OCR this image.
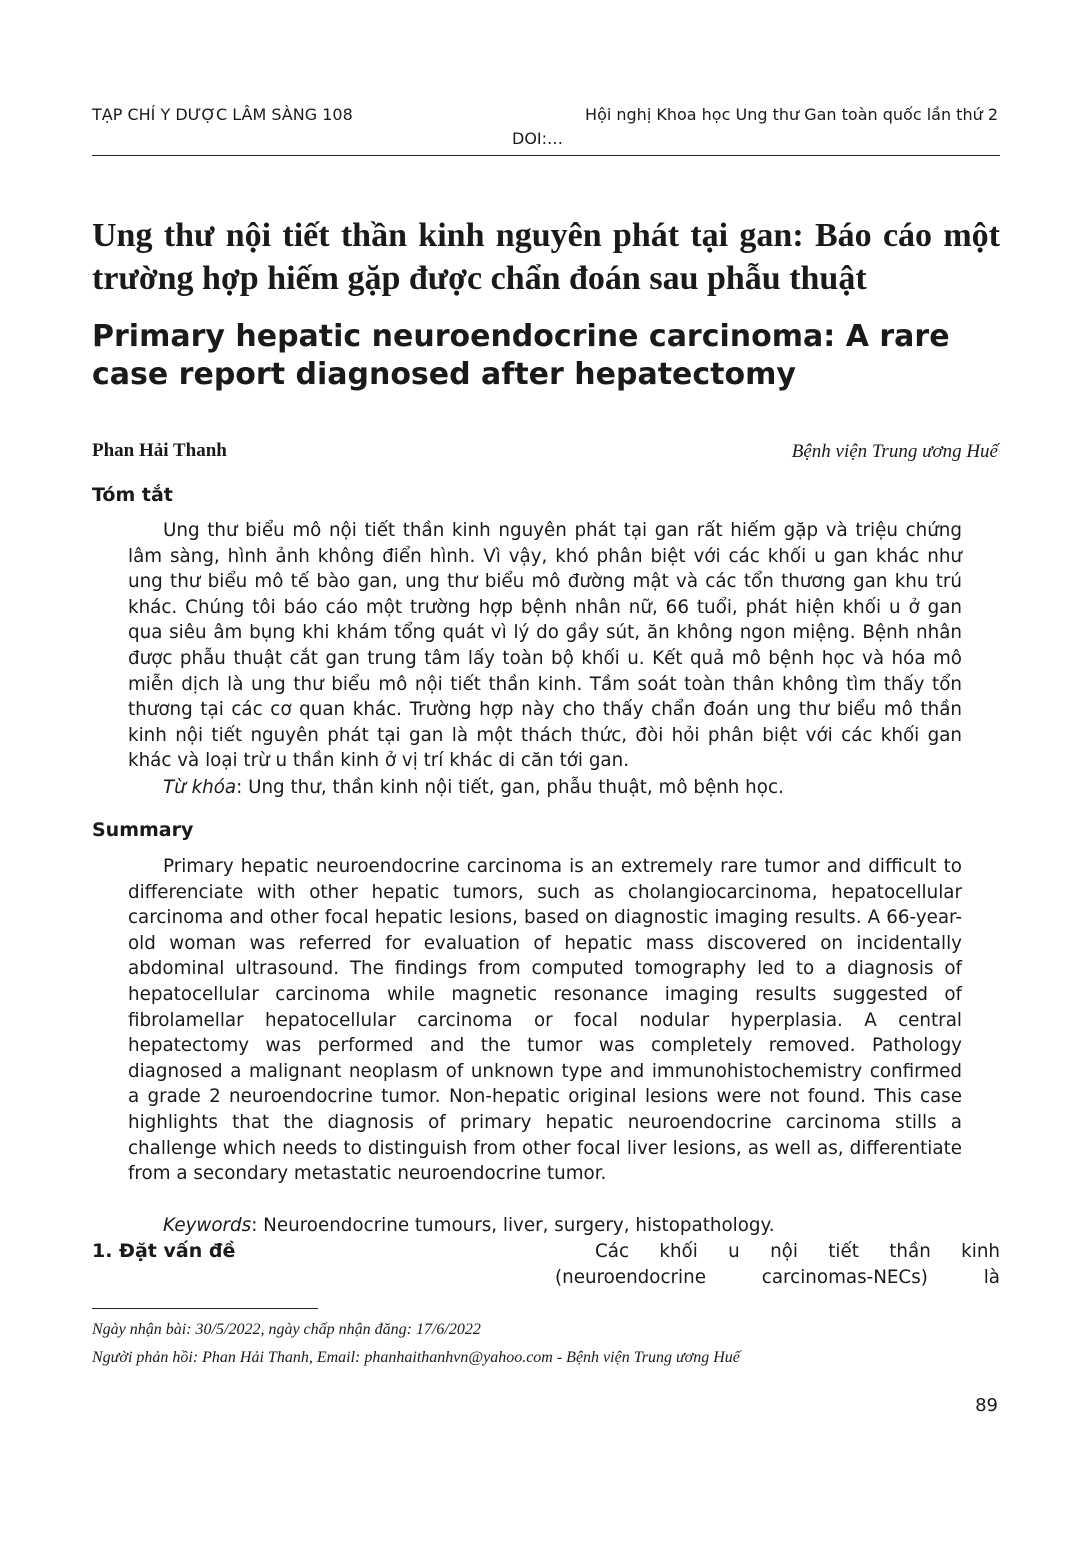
TẠP CHÍ Y DƯỢC LÂM SÀNG 108	Hội nghị Khoa học Ung thư Gan toàn quốc lần thứ 2
DOI:…
Ung thư nội tiết thần kinh nguyên phát tại gan: Báo cáo một trường hợp hiếm gặp được chẩn đoán sau phẫu thuật
Primary hepatic neuroendocrine carcinoma: A rare case report diagnosed after hepatectomy
Phan Hải Thanh	Bệnh viện Trung ương Huế
Tóm tắt

Ung thư biểu mô nội tiết thần kinh nguyên phát tại gan rất hiếm gặp và triệu chứng lâm sàng, hình ảnh không điển hình. Vì vậy, khó phân biệt với các khối u gan khác như ung thư biểu mô tế bào gan, ung thư biểu mô đường mật và các tổn thương gan khu trú khác. Chúng tôi báo cáo một trường hợp bệnh nhân nữ, 66 tuổi, phát hiện khối u ở gan qua siêu âm bụng khi khám tổng quát vì lý do gầy sút, ăn không ngon miệng. Bệnh nhân được phẫu thuật cắt gan trung tâm lấy toàn bộ khối u. Kết quả mô bệnh học và hóa mô miễn dịch là ung thư biểu mô nội tiết thần kinh. Tầm soát toàn thân không tìm thấy tổn thương tại các cơ quan khác. Trường hợp này cho thấy chẩn đoán ung thư biểu mô thần kinh nội tiết nguyên phát tại gan là một thách thức, đòi hỏi phân biệt với các khối gan khác và loại trừ u thần kinh ở vị trí khác di căn tới gan.

Từ khóa: Ung thư, thần kinh nội tiết, gan, phẫu thuật, mô bệnh học.
Summary

Primary hepatic neuroendocrine carcinoma is an extremely rare tumor and difficult to differenciate with other hepatic tumors, such as cholangiocarcinoma, hepatocellular carcinoma and other focal hepatic lesions, based on diagnostic imaging results. A 66-year-old woman was referred for evaluation of hepatic mass discovered on incidentally abdominal ultrasound. The findings from computed tomography led to a diagnosis of hepatocellular carcinoma while magnetic resonance imaging results suggested of fibrolamellar hepatocellular carcinoma or focal nodular hyperplasia. A central hepatectomy was performed and the tumor was completely removed. Pathology diagnosed a malignant neoplasm of unknown type and immunohistochemistry confirmed a grade 2 neuroendocrine tumor. Non-hepatic original lesions were not found. This case highlights that the diagnosis of primary hepatic neuroendocrine carcinoma stills a challenge which needs to distinguish from other focal liver lesions, as well as, differentiate from a secondary metastatic neuroendocrine tumor.

Keywords: Neuroendocrine tumours, liver, surgery, histopathology.
1. Đặt vấn đề	Các khối u nội tiết thần kinh (neuroendocrine carcinomas-NECs) là

Ngày nhận bài: 30/5/2022, ngày chấp nhận đăng: 17/6/2022
Người phản hồi: Phan Hải Thanh, Email: phanhaithanhvn@yahoo.com - Bệnh viện Trung ương Huế
89
